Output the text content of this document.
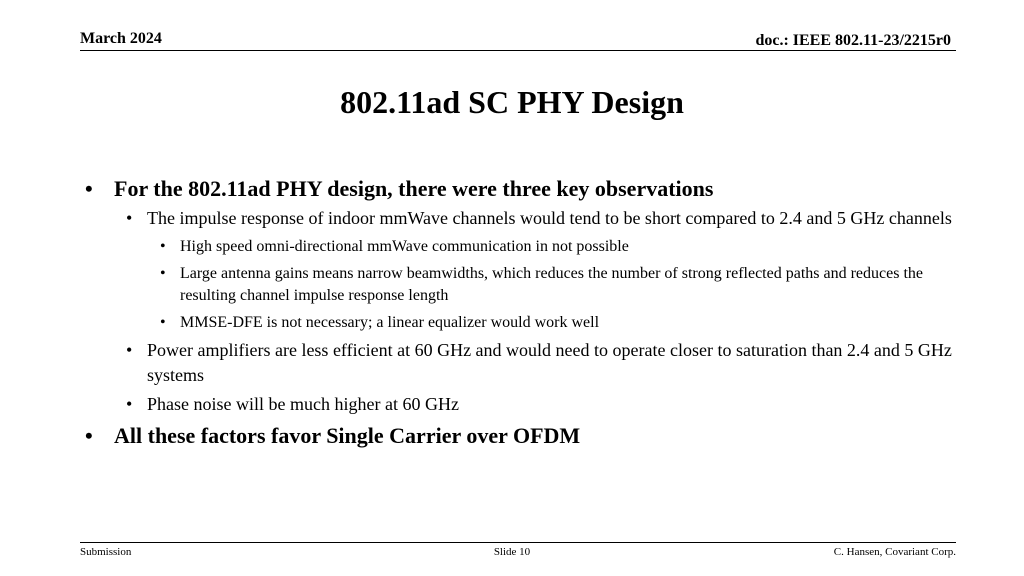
March 2024	doc.: IEEE 802.11-23/2215r0
802.11ad SC PHY Design
• For the 802.11ad PHY design, there were three key observations
• The impulse response of indoor mmWave channels would tend to be short compared to 2.4 and 5 GHz channels
• High speed omni-directional mmWave communication in not possible
• Large antenna gains means narrow beamwidths, which reduces the number of strong reflected paths and reduces the resulting channel impulse response length
• MMSE-DFE is not necessary; a linear equalizer would work well
• Power amplifiers are less efficient at 60 GHz and would need to operate closer to saturation than 2.4 and 5 GHz systems
• Phase noise will be much higher at 60 GHz
• All these factors favor Single Carrier over OFDM
Submission	Slide 10	C. Hansen, Covariant Corp.
